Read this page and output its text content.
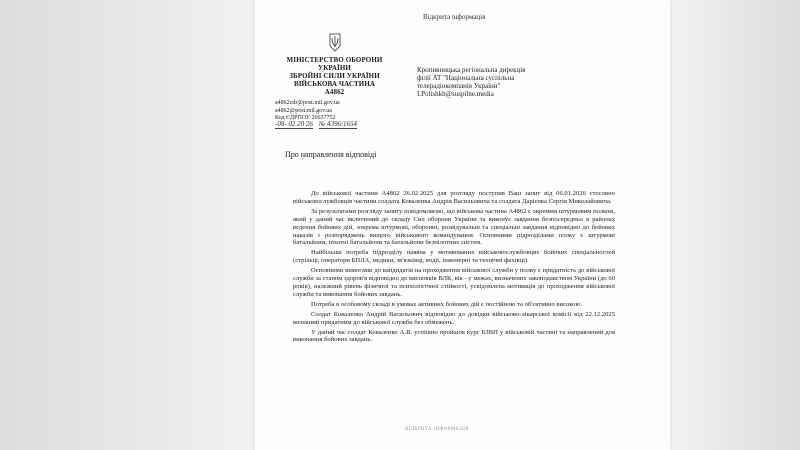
Відкрита інформація
МІНІСТЕРСТВО ОБОРОНИ
УКРАЇНИ
ЗБРОЙНІ СИЛИ УКРАЇНИ
ВІЙСЬКОВА ЧАСТИНА
А4862
a4862zdr@post.mil.gov.ua
a4862@post.mil.gov.ua
Код ЄДРПОУ 26637752
-08- 02 20 26 № 4396/1654
Кропивницька регіональна дирекція
філії АТ "Національна суспільна
телерадіокомпанія України"
I.Polishkh@suspilne.media
Про направлення відповіді

До військової частини А4862 26.02.2025 для розгляду поступив Ваш запит від 06.01.2026 стосовно військовослужбовців частини солдата Коваленка Андрія Васильовича та солдата Дарієнка Сергія Миколайовича.

За результатами розгляду запиту повідомляємо, що військова частина А4862 є окремим штурмовим полком, який у даний час включений до складу Сил оборони України та виконує завдання безпосередньо в районах ведення бойових дій, зокрема штурмові, оборонні, розвідувальні та спеціальні завдання відповідно до бойових наказів і розпоряджень вищого військового командування. Основними підрозділами полку є штурмові батальйони, піхотні батальйони та батальйони безпілотних систем.

Найбільша потреба підрозділу наявна у мотивованих військовослужбовцях бойових спеціальностей (стрільці, оператори БПЛА, медики, зв'язківці, водії, інженерні та технічні фахівці).

Основними вимогами до кандидатів на проходження військової служби у полку є придатність до військової служби за станом здоров'я відповідно до висновків ВЛК, вік - у межах, визначених законодавством України (до 60 років), належний рівень фізичної та психологічної стійкості, усвідомлена мотивація до проходження військової служби та виконання бойових завдань.

Потреба в особовому складі в умовах активних бойових дій є постійною та об'єктивно високою.

Солдат Коваленко Андрій Васильович відповідно до довідки військово-лікарської комісії від 22.12.2025 визнаний придатним до військової служби без обмежень.

У даний час солдат Коваленко А.В. успішно пройшов курс БЗВП у військовій частині та направлений для виконання бойових завдань.

ВІДКРИТА ІНФОРМАЦІЯ
